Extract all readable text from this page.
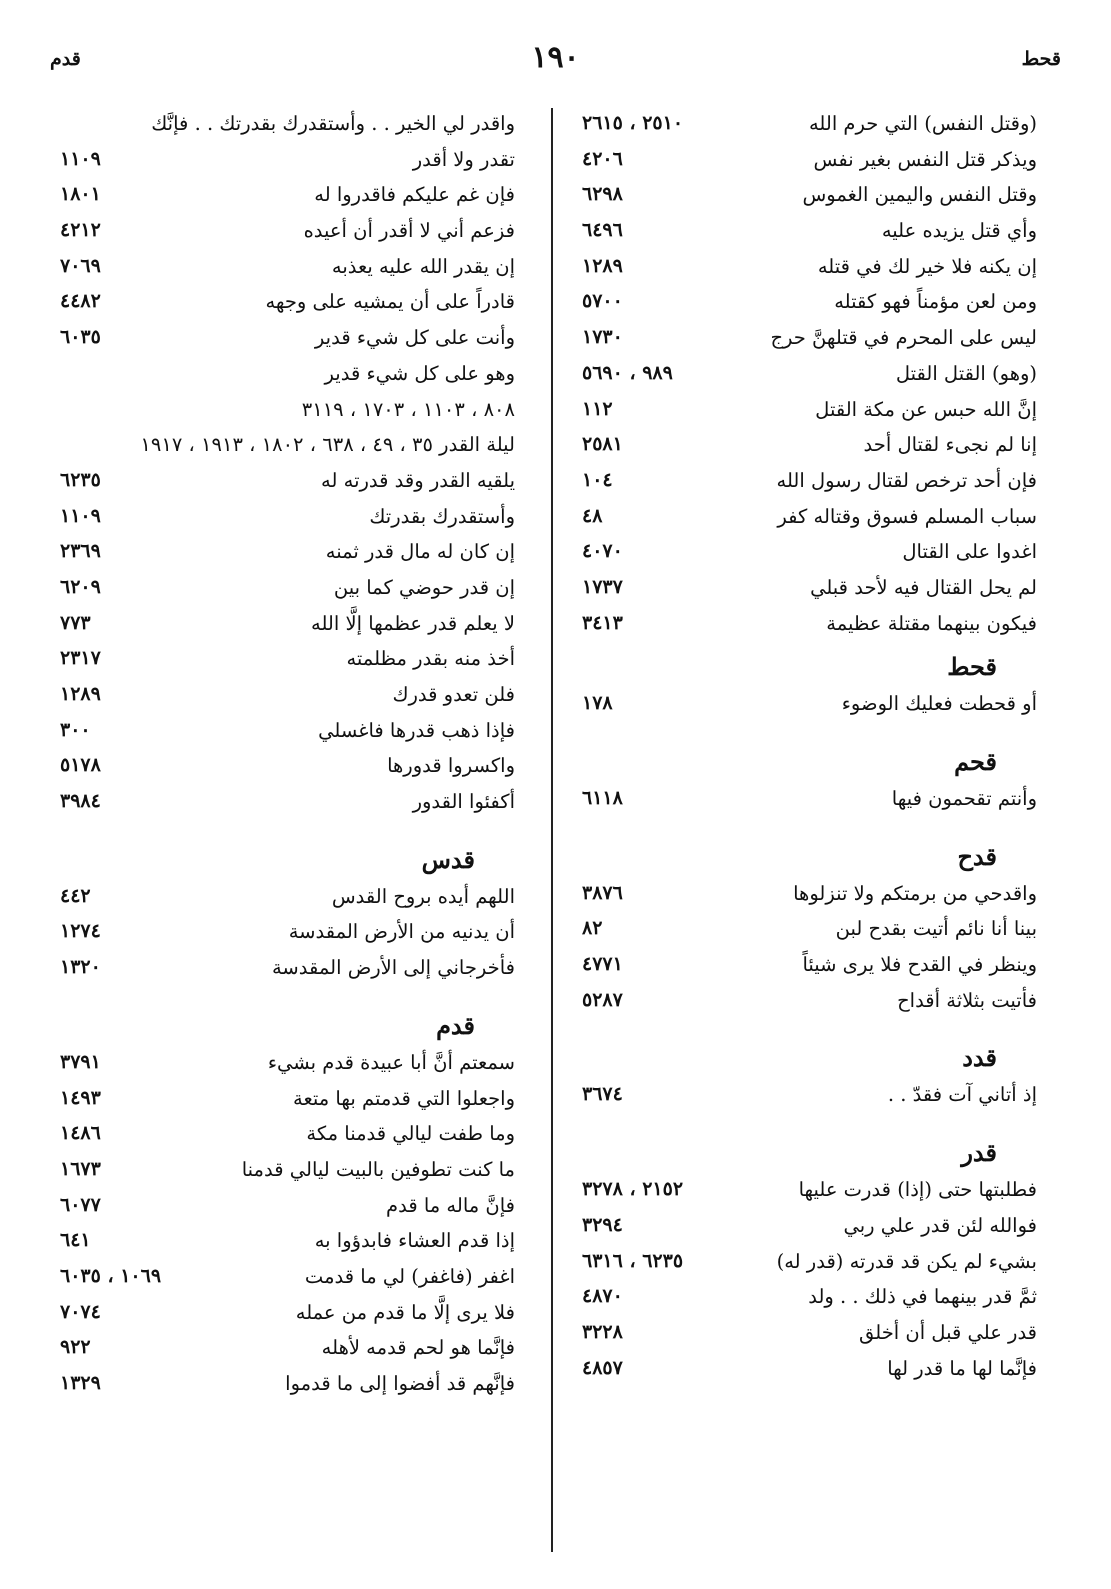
قحط
١٩٠
قدم
(وقتل النفس) التي حرم الله
٢٥١٠ ، ٢٦١٥
ويذكر قتل النفس بغير نفس
٤٢٠٦
وقتل النفس واليمين الغموس
٦٢٩٨
وأي قتل يزيده عليه
٦٤٩٦
إن يكنه فلا خير لك في قتله
١٢٨٩
ومن لعن مؤمناً فهو كقتله
٥٧٠٠
ليس على المحرم في قتلهنَّ حرج
١٧٣٠
(وهو) القتل القتل
٩٨٩ ، ٥٦٩٠
إنَّ الله حبس عن مكة القتل
١١٢
إنا لم نجىء لقتال أحد
٢٥٨١
فإن أحد ترخص لقتال رسول الله
١٠٤
سباب المسلم فسوق وقتاله كفر
٤٨
اغدوا على القتال
٤٠٧٠
لم يحل القتال فيه لأحد قبلي
١٧٣٧
فيكون بينهما مقتلة عظيمة
٣٤١٣
قحط
أو قحطت فعليك الوضوء
١٧٨
قحم
وأنتم تقحمون فيها
٦١١٨
قدح
واقدحي من برمتكم ولا تنزلوها
٣٨٧٦
بينا أنا نائم أتيت بقدح لبن
٨٢
وينظر في القدح فلا يرى شيئاً
٤٧٧١
فأتيت بثلاثة أقداح
٥٢٨٧
قدد
إذ أتاني آت فقدّ . .
٣٦٧٤
قدر
فطلبتها حتى (إذا) قدرت عليها
٢١٥٢ ، ٣٢٧٨
فوالله لئن قدر علي ربي
٣٢٩٤
بشيء لم يكن قد قدرته (قدر له)
٦٢٣٥ ، ٦٣١٦
ثمَّ قدر بينهما في ذلك . . ولد
٤٨٧٠
قدر علي قبل أن أخلق
٣٢٢٨
فإنَّما لها ما قدر لها
٤٨٥٧
واقدر لي الخير . . وأستقدرك بقدرتك . . فإنَّك
تقدر ولا أقدر
١١٠٩
فإن غم عليكم فاقدروا له
١٨٠١
فزعم أني لا أقدر أن أعيده
٤٢١٢
إن يقدر الله عليه يعذبه
٧٠٦٩
قادراً على أن يمشيه على وجهه
٤٤٨٢
وأنت على كل شيء قدير
٦٠٣٥
وهو على كل شيء قدير
٨٠٨ ، ١١٠٣ ، ١٧٠٣ ، ٣١١٩
ليلة القدر ٣٥ ، ٤٩ ، ٦٣٨ ، ١٨٠٢ ، ١٩١٣ ، ١٩١٧
يلقيه القدر وقد قدرته له
٦٢٣٥
وأستقدرك بقدرتك
١١٠٩
إن كان له مال قدر ثمنه
٢٣٦٩
إن قدر حوضي كما بين
٦٢٠٩
لا يعلم قدر عظمها إلَّا الله
٧٧٣
أخذ منه بقدر مظلمته
٢٣١٧
فلن تعدو قدرك
١٢٨٩
فإذا ذهب قدرها فاغسلي
٣٠٠
واكسروا قدورها
٥١٧٨
أكفئوا القدور
٣٩٨٤
قدس
اللهم أيده بروح القدس
٤٤٢
أن يدنيه من الأرض المقدسة
١٢٧٤
فأخرجاني إلى الأرض المقدسة
١٣٢٠
قدم
سمعتم أنَّ أبا عبيدة قدم بشيء
٣٧٩١
واجعلوا التي قدمتم بها متعة
١٤٩٣
وما طفت ليالي قدمنا مكة
١٤٨٦
ما كنت تطوفين بالبيت ليالي قدمنا
١٦٧٣
فإنَّ ماله ما قدم
٦٠٧٧
إذا قدم العشاء فابدؤوا به
٦٤١
اغفر (فاغفر) لي ما قدمت
١٠٦٩ ، ٦٠٣٥
فلا يرى إلَّا ما قدم من عمله
٧٠٧٤
فإنَّما هو لحم قدمه لأهله
٩٢٢
فإنَّهم قد أفضوا إلى ما قدموا
١٣٢٩
